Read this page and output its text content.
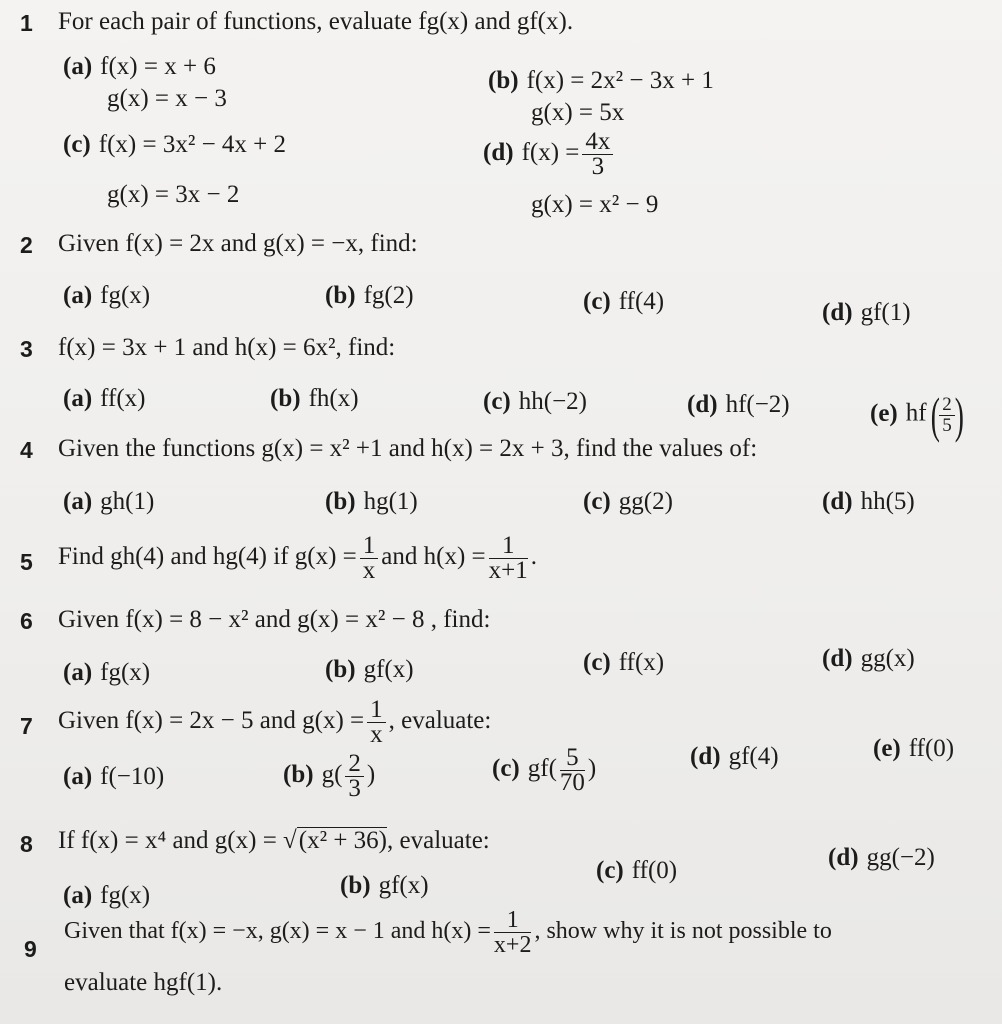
​
1 For each pair of functions, evaluate fg(x) and gf(x).
(a) f(x) = x + 6
g(x) = x − 3
(b) f(x) = 2x² − 3x + 1
g(x) = 5x
(c) f(x) = 3x² − 4x + 2
g(x) = 3x − 2
(d) $f(x) = \frac{4x}{3}$
g(x) = x² − 9
2 Given f(x) = 2x and g(x) = −x, find:
(a) fg(x)	(b) fg(2)	(c) ff(4)	(d) gf(1)
3 f(x) = 3x + 1 and h(x) = 6x², find:
(a) ff(x)	(b) fh(x)	(c) hh(−2)	(d) hf(−2)	(e) $hf( \frac{2}{5}$ )
4 Given the functions g(x) = x² +1 and h(x) = 2x + 3, find the values of:
(a) gh(1)	(b) hg(1)	(c) gg(2)	(d) hh(5)
5 Find gh(4) and hg(4) if $g(x) = \frac{1}{x}$ and $h(x) = \frac{1}{x+1}$ .
6 Given f(x) = 8 − x² and g(x) = x² − 8 , find:
(a) fg(x)	(b) gf(x)	(c) ff(x)	(d) gg(x)
7 Given f(x) = 2x − 5 and $g(x) = \frac{1}{x}$ , evaluate:
(a) f(−10)	(b) $g( \frac{2}{3}$ )	(c) $gf( \frac{5}{70}$ )	(d) gf(4)	(e) ff(0)
8 If f(x) = x⁴ and g(x) = √(x² + 36), evaluate:
(a) fg(x)	(b) gf(x)
(c) ff(0)	(d) gg(−2)
9
Given that f(x) = −x, g(x) = x − 1 and $h(x) = \frac{1}{x+2}$ , show why it is not possible to
evaluate hgf(1).
